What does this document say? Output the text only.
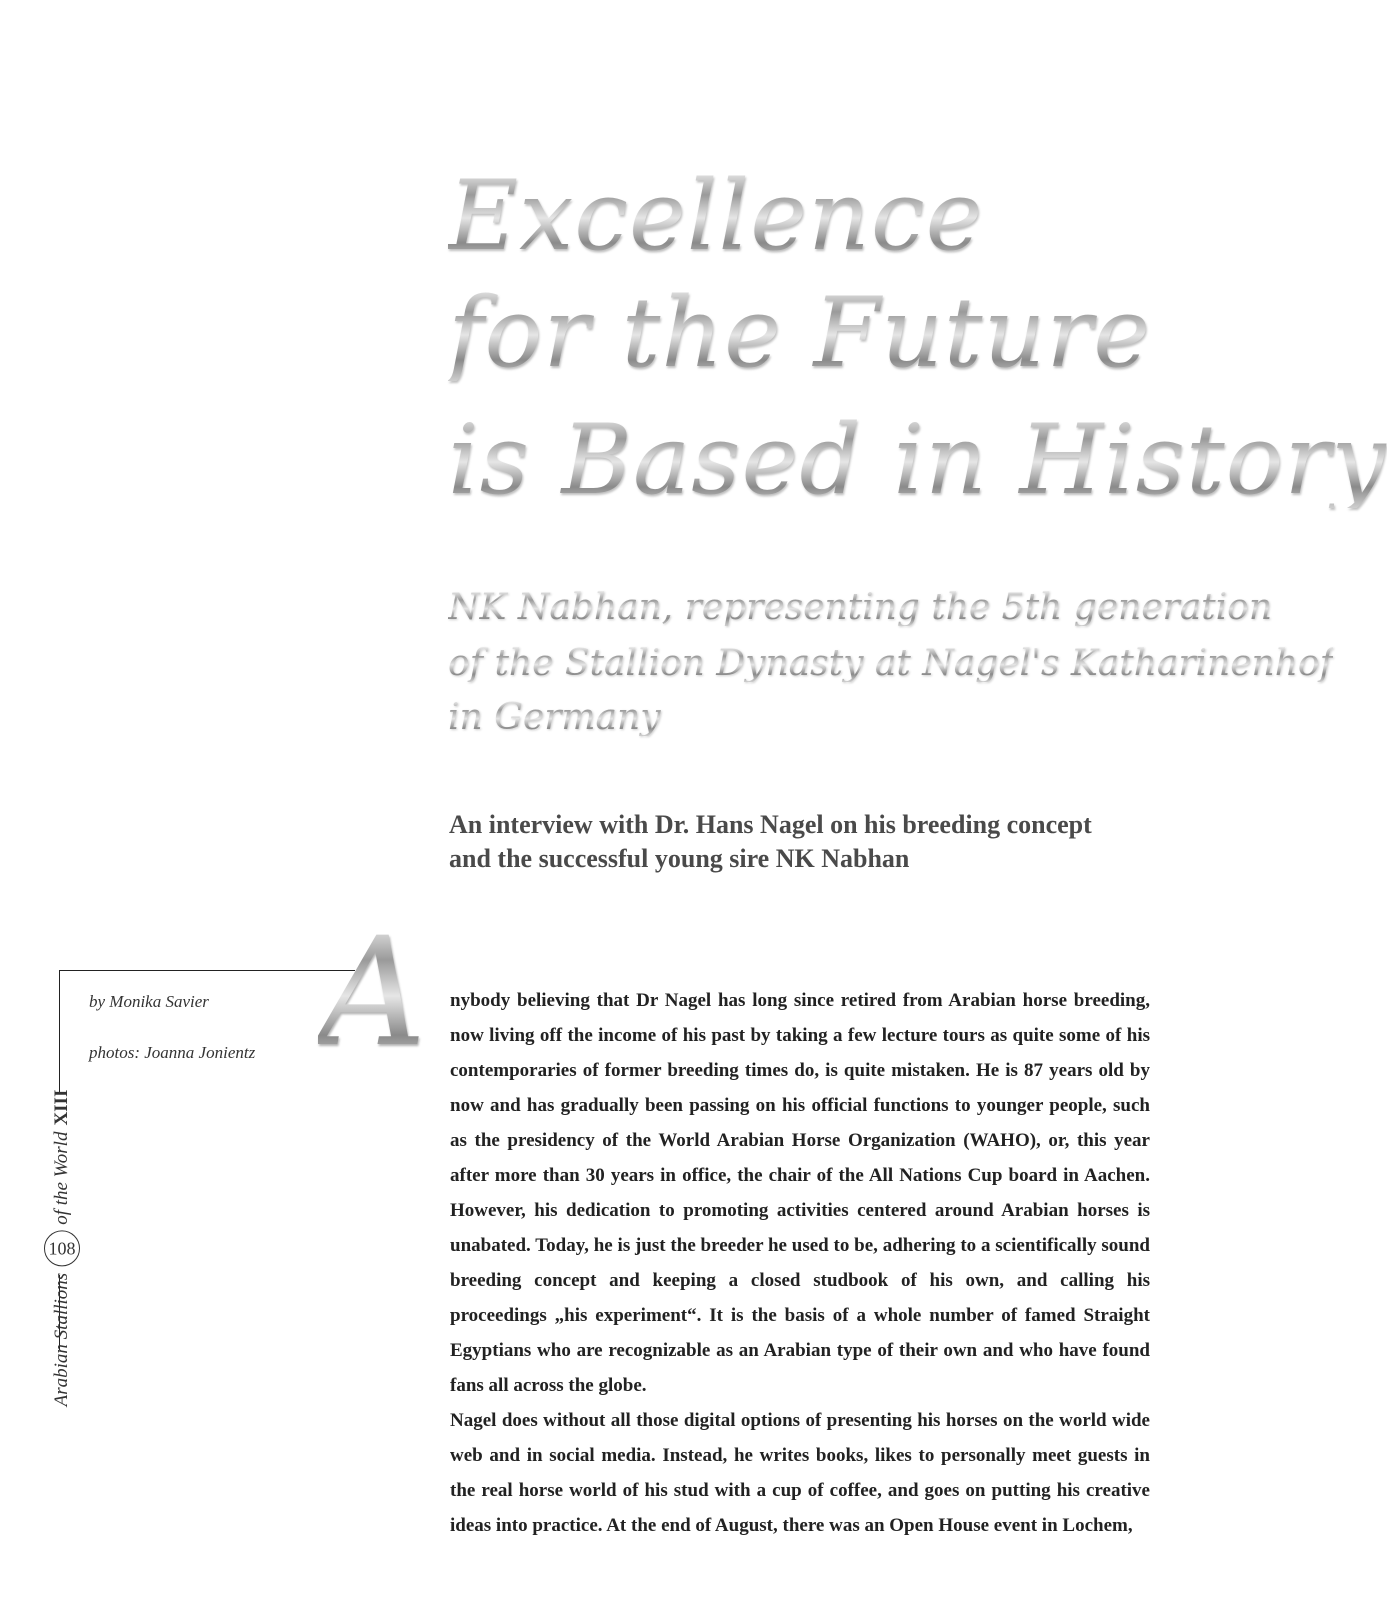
Excellence
for the Future
is Based in History
NK Nabhan, representing the 5th generation
of the Stallion Dynasty at Nagel's Katharinenhof
in Germany
An interview with Dr. Hans Nagel on his breeding concept
and the successful young sire NK Nabhan
by Monika Savier
photos: Joanna Jonientz A
Arabian Stallions
108
of the World
XIII

nybody believing that Dr Nagel has long since retired from Arabian horse breeding, now living off the income of his past by taking a few lecture tours as quite some of his contemporaries of former breeding times do, is quite mistaken. He is 87 years old by now and has gradually been passing on his official functions to younger people, such as the presidency of the World Arabian Horse Organization (WAHO), or, this year after more than 30 years in office, the chair of the All Nations Cup board in Aachen. However, his dedication to promoting activities centered around Arabian horses is unabated. Today, he is just the breeder he used to be, adhering to a scientifically sound breeding concept and keeping a closed studbook of his own, and calling his proceedings „his experiment“. It is the basis of a whole number of famed Straight Egyptians who are recognizable as an Arabian type of their own and who have found fans all across the globe.

Nagel does without all those digital options of presenting his horses on the world wide web and in social media. Instead, he writes books, likes to personally meet guests in the real horse world of his stud with a cup of coffee, and goes on putting his creative ideas into practice. At the end of August, there was an Open House event in Lochem,
